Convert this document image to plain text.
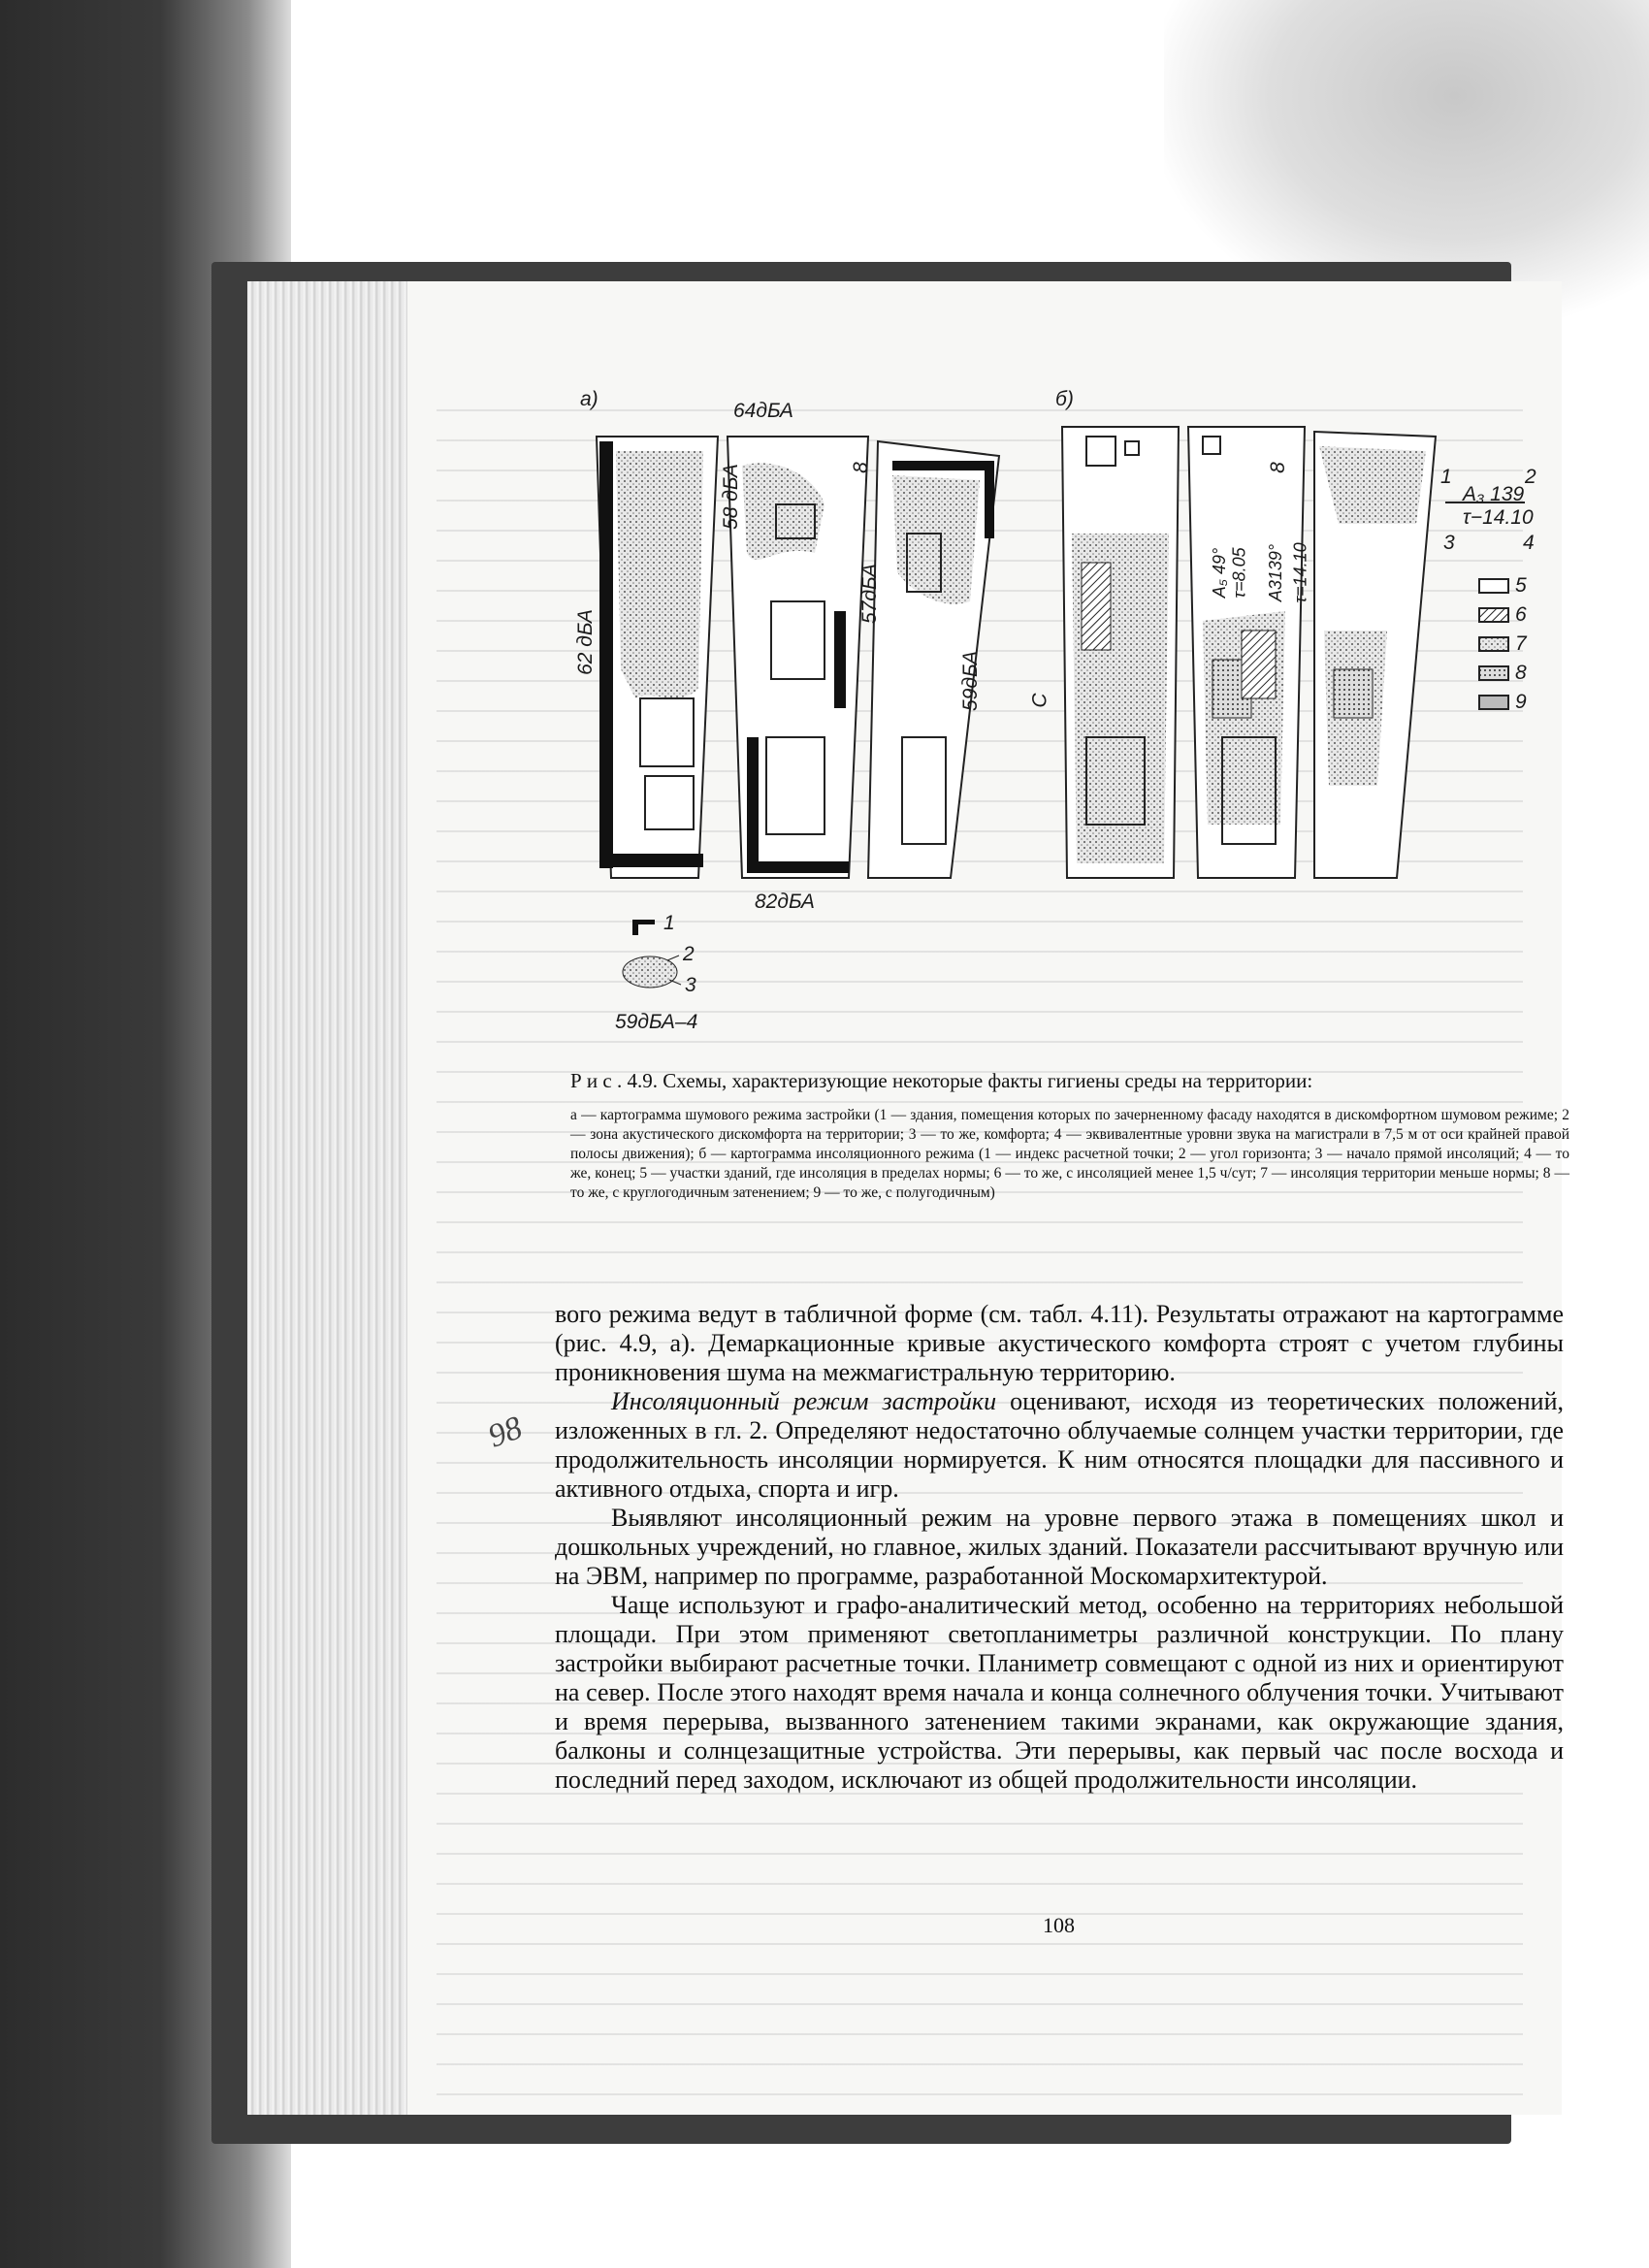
а)	б)
64дБА
62 дБА
58 дБА
57дБА
59дБА
82дБА
8	8
1
2
3
59дБА–4
С
А₅ 49° τ=8.05 А3139° τ=14.10
1	2
А₃ 139
τ−14.10
3	4
5
6
7
8
9
Р и с . 4.9. Схемы, характеризующие некоторые факты гигиены среды на территории:
а — картограмма шумового режима застройки (1 — здания, помещения которых по зачерненному фасаду находятся в дискомфортном шумовом режиме; 2 — зона акустического дискомфорта на территории; 3 — то же, комфорта; 4 — эквивалентные уровни звука на магистрали в 7,5 м от оси крайней правой полосы движения); б — картограмма инсоляционного режима (1 — индекс расчетной точки; 2 — угол горизонта; 3 — начало прямой инсоляций; 4 — то же, конец; 5 — участки зданий, где инсоляция в пределах нормы; 6 — то же, с инсоляцией менее 1,5 ч/сут; 7 — инсоляция территории меньше нормы; 8 — то же, с круглогодичным затенением; 9 — то же, с полугодичным)

вого режима ведут в табличной форме (см. табл. 4.11). Результаты отражают на картограмме (рис. 4.9, а). Демаркационные кривые акустического комфорта строят с учетом глубины проникновения шума на межмагистральную территорию.

Инсоляционный режим застройки оценивают, исходя из теоретических положений, изложенных в гл. 2. Определяют недостаточно облучаемые солнцем участки территории, где продолжительность инсоляции нормируется. К ним относятся площадки для пассивного и активного отдыха, спорта и игр.

Выявляют инсоляционный режим на уровне первого этажа в помещениях школ и дошкольных учреждений, но главное, жилых зданий. Показатели рассчитывают вручную или на ЭВМ, например по программе, разработанной Москомархитектурой.

Чаще используют и графо-аналитический метод, особенно на территориях небольшой площади. При этом применяют светопланиметры различной конструкции. По плану застройки выбирают расчетные точки. Планиметр совмещают с одной из них и ориентируют на север. После этого находят время начала и конца солнечного облучения точки. Учитывают и время перерыва, вызванного затенением такими экранами, как окружающие здания, балконы и солнцезащитные устройства. Эти перерывы, как первый час после восхода и последний перед заходом, исключают из общей продолжительности инсоляции.

98
108
